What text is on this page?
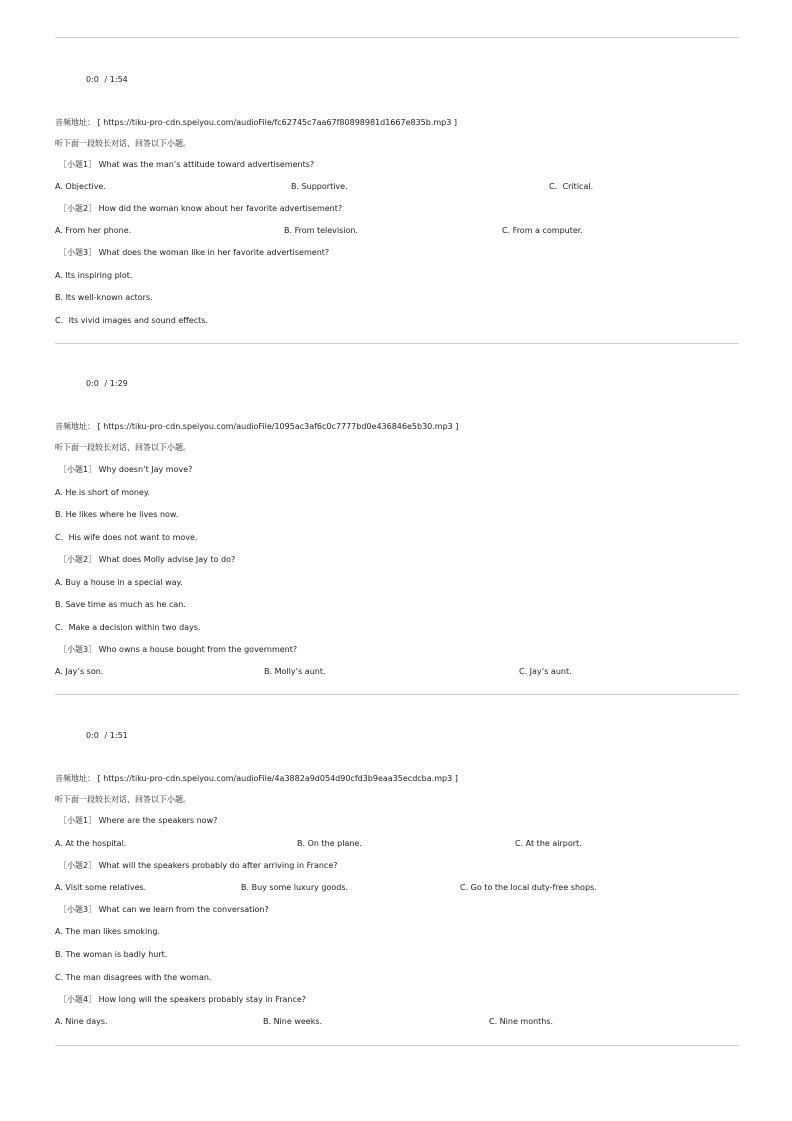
0:0 / 1:54
音频地址： [ https://tiku-pro-cdn.speiyou.com/audioFile/fc62745c7aa67f80898981d1667e835b.mp3 ]
听下面一段较长对话，回答以下小题。
［小题1］ What was the man’s attitude toward advertisements?
A. Objective.	B. Supportive.	C．Critical.
［小题2］ How did the woman know about her favorite advertisement?
A. From her phone.	B. From television.	C. From a computer.
［小题3］ What does the woman like in her favorite advertisement?
A. Its inspiring plot.
B. Its well-known actors.
C．Its vivid images and sound effects.
0:0 / 1:29
音频地址： [ https://tiku-pro-cdn.speiyou.com/audioFile/1095ac3af6c0c7777bd0e436846e5b30.mp3 ]
听下面一段较长对话，回答以下小题。
［小题1］ Why doesn’t Jay move?
A. He is short of money.
B. He likes where he lives now.
C．His wife does not want to move.
［小题2］ What does Molly advise Jay to do?
A. Buy a house in a special way.
B. Save time as much as he can.
C．Make a decision within two days.
［小题3］ Who owns a house bought from the government?
A. Jay’s son.	B. Molly’s aunt.	C. Jay’s aunt.
0:0 / 1:51
音频地址： [ https://tiku-pro-cdn.speiyou.com/audioFile/4a3882a9d054d90cfd3b9eaa35ecdcba.mp3 ]
听下面一段较长对话，回答以下小题。
［小题1］ Where are the speakers now?
A. At the hospital.	B. On the plane.	C. At the airport.
［小题2］ What will the speakers probably do after arriving in France?
A. Visit some relatives.	B. Buy some luxury goods.	C. Go to the local duty-free shops.
［小题3］ What can we learn from the conversation?
A. The man likes smoking.
B. The woman is badly hurt.
C. The man disagrees with the woman.
［小题4］ How long will the speakers probably stay in France?
A. Nine days.	B. Nine weeks.	C. Nine months.
